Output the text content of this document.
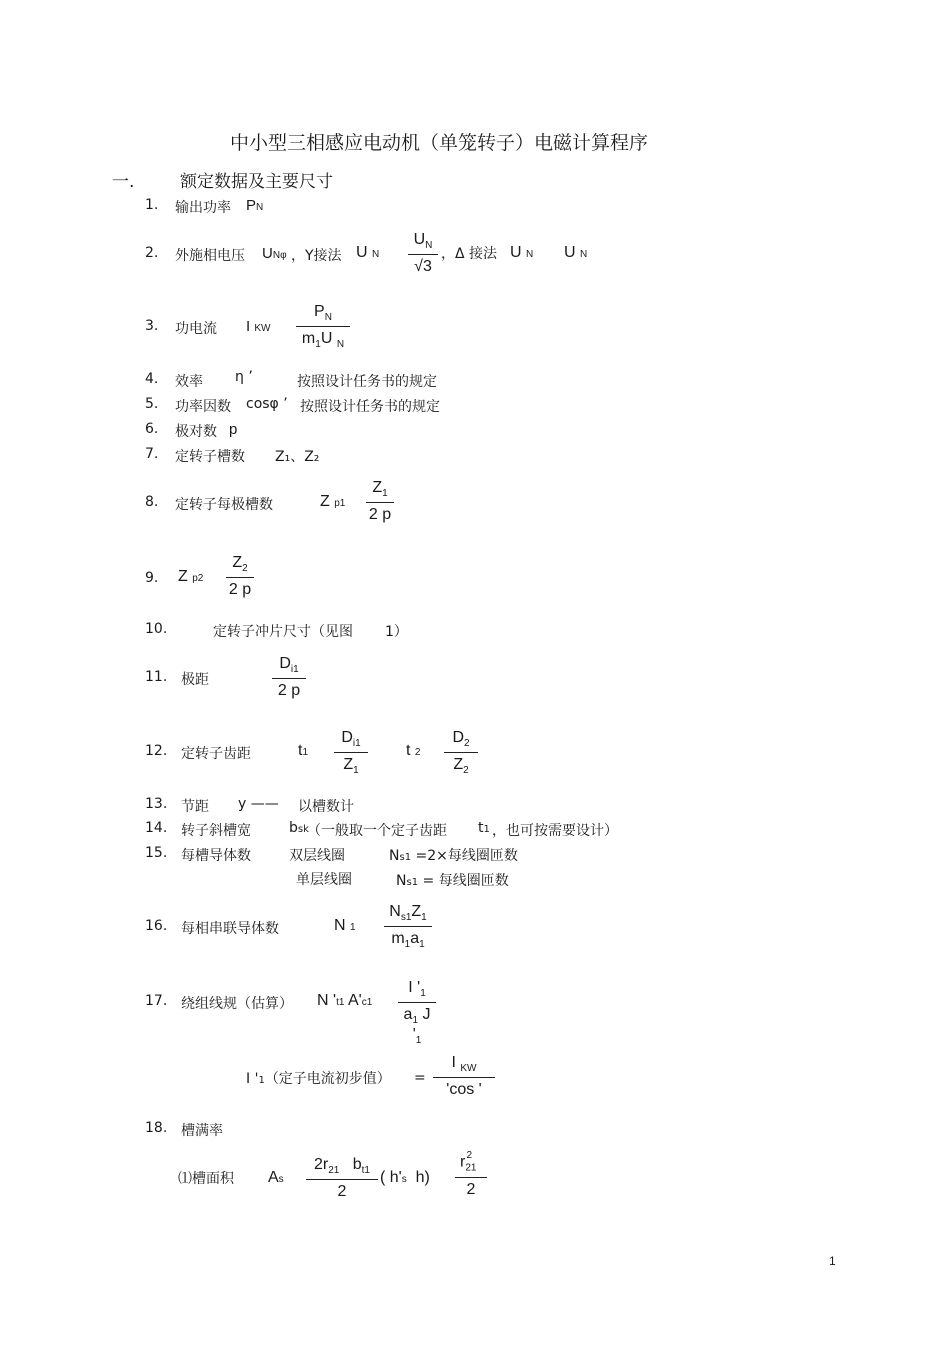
中小型三相感应电动机（单笼转子）电磁计算程序
一.	额定数据及主要尺寸
1. 输出功率 PN
2. 外施相电压 UNφ ，Y接法 U N $\frac{U_N}{√3}$ ，Δ 接法 U N U N
3. 功电流 I KW $\frac{P_N}{m_1U _N}$
4. 效率 η ’	按照设计任务书的规定
5. 功率因数 cosφ ’ 按照设计任务书的规定
6. 极对数 p
7. 定转子槽数 Z₁、Z₂
8. 定转子每极槽数	Z $p1 \frac{Z_1}{2 p}$
9. Z $p2 \frac{Z_2}{2 p}$
10.	定转子冲片尺寸（见图 1）
11. 极距	$\frac{D_{i1}}{2 p}$
12. 定转子齿距	$t1 \frac{D_{i1}}{Z_1}$ t $2 \frac{D_2}{Z_2}$
13. 节距 y —— 以槽数计
14. 转子斜槽宽	bsk
（一般取一个定子齿距 t1 ，也可按需要设计）
15. 每槽导体数	双层线圈	Ns1 =2×每线圈匝数
单层线圈	Ns1 = 每线圈匝数
16. 每相串联导体数	N $1 \frac{N_{s1}Z_1}{m_1a_1}$
17. 绕组线规（估算） N 't1 $A'c1 \frac{I '_1}{a_1 J '_1}$
I '1（定子电流初步值） = $\frac{I _{KW}}{'\cos '}$
18. 槽满率
⑴槽面积 As $\frac{2r_{21} b_{t1}}{2}$ ( h's $h) \frac{r_{21}^2}{2}$
1
